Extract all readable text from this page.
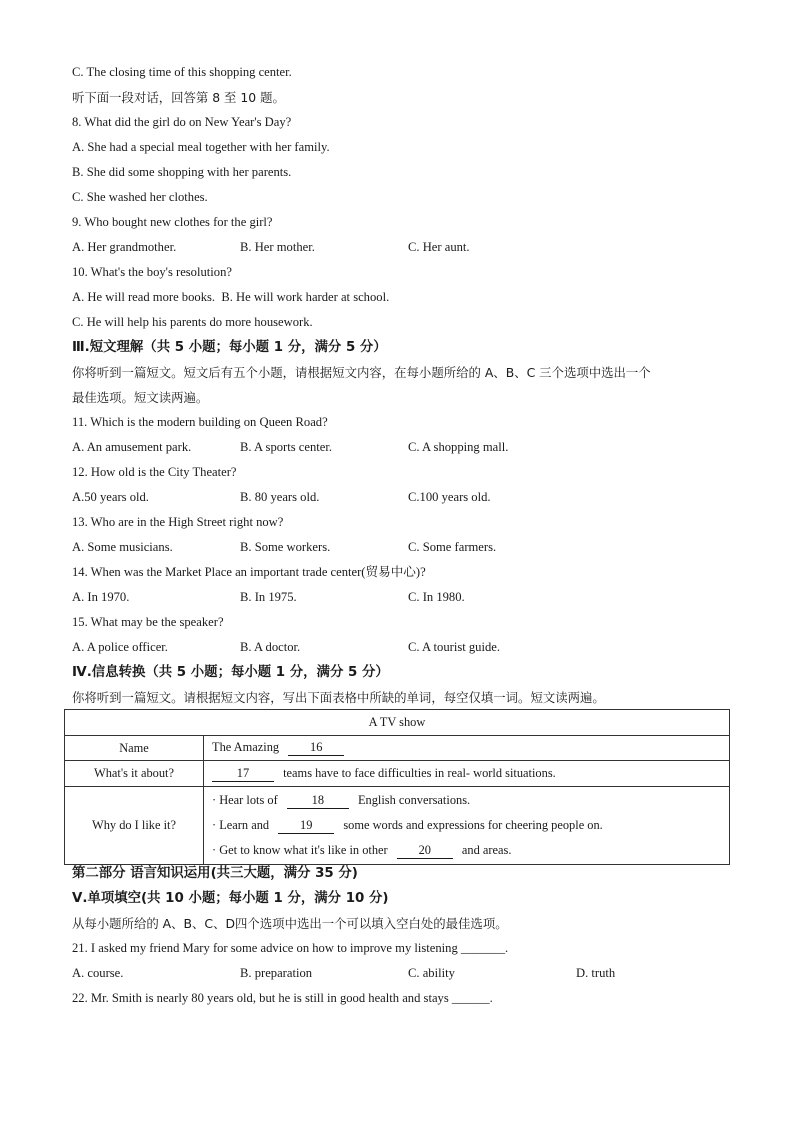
C. The closing time of this shopping center.
听下面一段对话，回答第 8 至 10 题。
8. What did the girl do on New Year's Day?
A. She had a special meal together with her family.
B. She did some shopping with her parents.
C. She washed her clothes.
9. Who bought new clothes for the girl?
A. Her grandmother.	B. Her mother.	C. Her aunt.
10. What's the boy's resolution?
A. He will read more books. B. He will work harder at school.
C. He will help his parents do more housework.
Ⅲ.短文理解（共 5 小题；每小题 1 分，满分 5 分）
你将听到一篇短文。短文后有五个小题，请根据短文内容，在每小题所给的 A、B、C 三个选项中选出一个
最佳选项。短文读两遍。
11. Which is the modern building on Queen Road?
A. An amusement park.	B. A sports center.	C. A shopping mall.
12. How old is the City Theater?
A.50 years old.	B. 80 years old.	C.100 years old.
13. Who are in the High Street right now?
A. Some musicians.	B. Some workers.	C. Some farmers.
14. When was the Market Place an important trade center(贸易中心)?
A. In 1970.	B. In 1975.	C. In 1980.
15. What may be the speaker?
A. A police officer.	B. A doctor.	C. A tourist guide.
Ⅳ.信息转换（共 5 小题；每小题 1 分，满分 5 分）
你将听到一篇短文。请根据短文内容，写出下面表格中所缺的单词，每空仅填一词。短文读两遍。
A TV show	
Name	The Amazing 16
What's it about?	17 teams have to face difficulties in real- world situations.
Why do I like it?	· Hear lots of 18 English conversations.
· Learn and 19 some words and expressions for cheering people on.
· Get to know what it's like in other 20 and areas.
第二部分 语言知识运用(共三大题，满分 35 分)
Ⅴ.单项填空(共 10 小题；每小题 1 分，满分 10 分)
从每小题所给的 A、B、C、D四个选项中选出一个可以填入空白处的最佳选项。
21. I asked my friend Mary for some advice on how to improve my listening _______.
A. course.	B. preparation	C. ability	D. truth
22. Mr. Smith is nearly 80 years old, but he is still in good health and stays ______.
